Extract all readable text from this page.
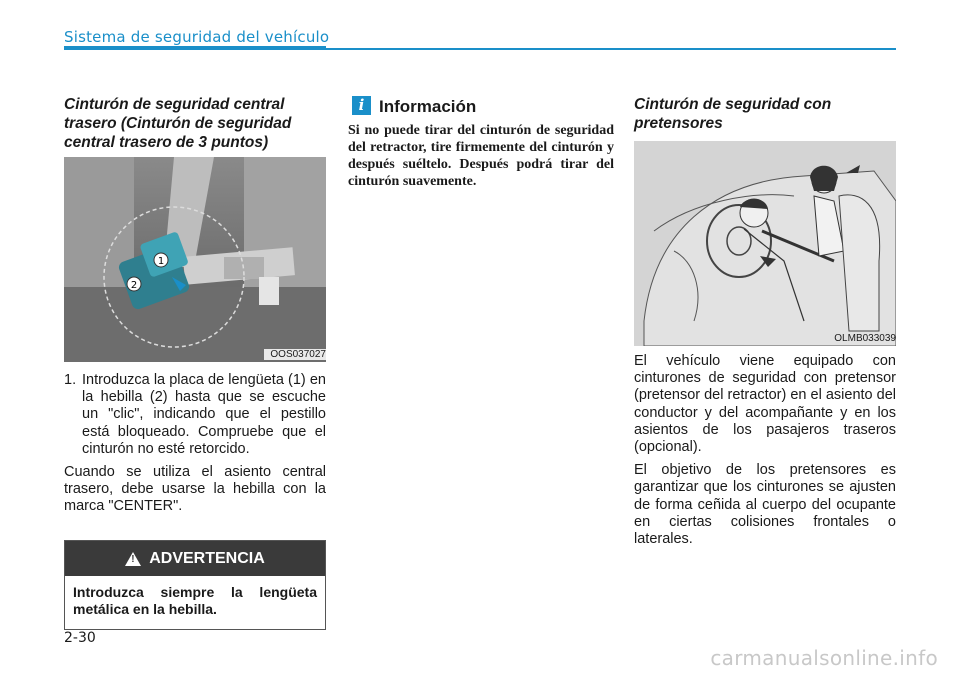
Sistema de seguridad del vehículo
Cinturón de seguridad central trasero (Cinturón de seguridad central trasero de 3 puntos)
1
2
OOS037027
1. Introduzca la placa de lengüeta (1) en la hebilla (2) hasta que se escuche un "clic", indicando que el pestillo está bloqueado. Compruebe que el cinturón no esté retorcido.

Cuando se utiliza el asiento central trasero, debe usarse la hebilla con la marca "CENTER".

!
ADVERTENCIA
Introduzca siempre la lengüeta metálica en la hebilla.
i Información
Si no puede tirar del cinturón de seguridad del retractor, tire firmemente del cinturón y después suéltelo. Después podrá tirar del cinturón suavemente.
Cinturón de seguridad con pretensores
OLMB033039

El vehículo viene equipado con cinturones de seguridad con pretensor (pretensor del retractor) en el asiento del conductor y del acompañante y en los asientos de los pasajeros traseros (opcional).

El objetivo de los pretensores es garantizar que los cinturones se ajusten de forma ceñida al cuerpo del ocupante en ciertas colisiones frontales o laterales.

2-30
carmanualsonline.info
